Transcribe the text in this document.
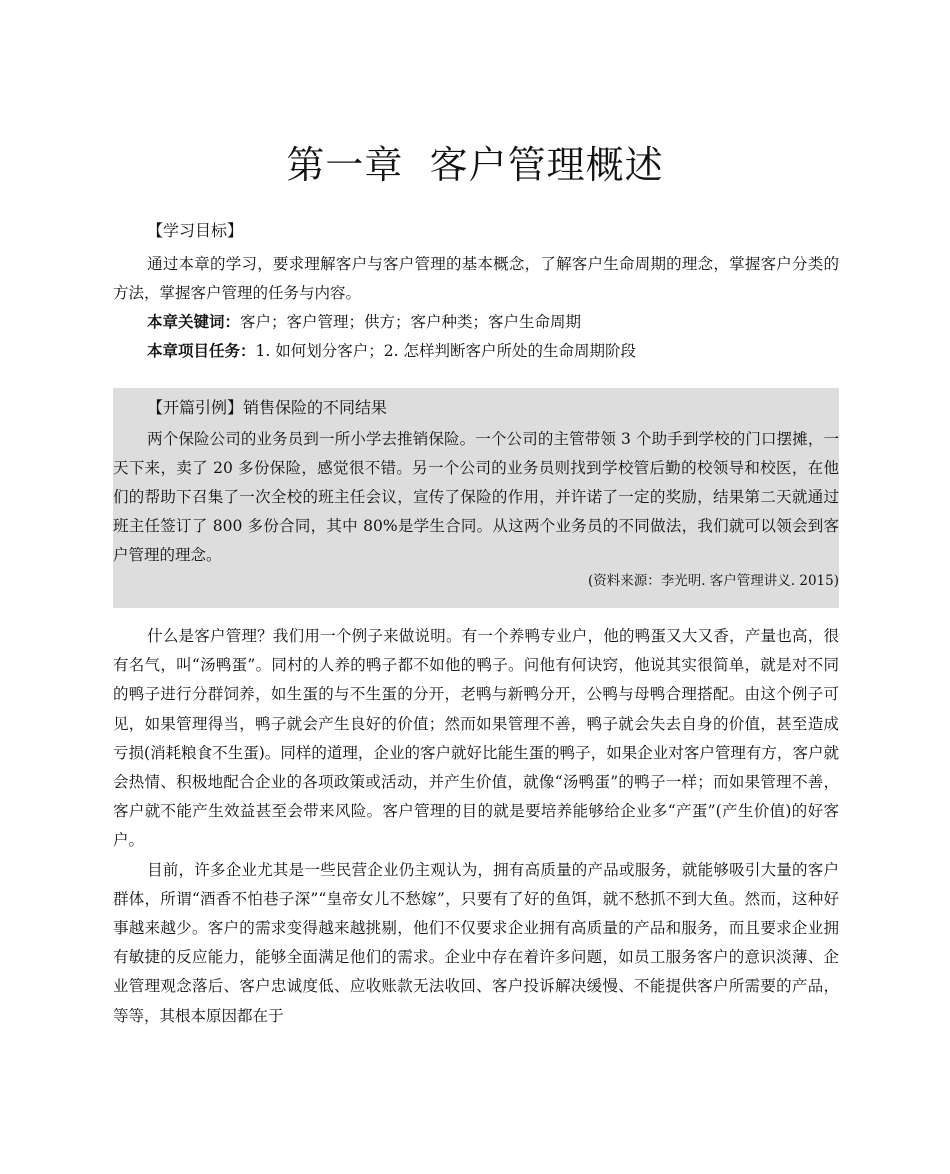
第一章  客户管理概述

【学习目标】

通过本章的学习，要求理解客户与客户管理的基本概念，了解客户生命周期的理念，掌握客户分类的方法，掌握客户管理的任务与内容。

本章关键词：客户；客户管理；供方；客户种类；客户生命周期

本章项目任务：1. 如何划分客户；2. 怎样判断客户所处的生命周期阶段

【开篇引例】销售保险的不同结果

两个保险公司的业务员到一所小学去推销保险。一个公司的主管带领 3 个助手到学校的门口摆摊，一天下来，卖了 20 多份保险，感觉很不错。另一个公司的业务员则找到学校管后勤的校领导和校医，在他们的帮助下召集了一次全校的班主任会议，宣传了保险的作用，并许诺了一定的奖励，结果第二天就通过班主任签订了 800 多份合同，其中 80%是学生合同。从这两个业务员的不同做法，我们就可以领会到客户管理的理念。

(资料来源：李光明. 客户管理讲义. 2015)

什么是客户管理？我们用一个例子来做说明。有一个养鸭专业户，他的鸭蛋又大又香，产量也高，很有名气，叫“汤鸭蛋”。同村的人养的鸭子都不如他的鸭子。问他有何诀窍，他说其实很简单，就是对不同的鸭子进行分群饲养，如生蛋的与不生蛋的分开，老鸭与新鸭分开，公鸭与母鸭合理搭配。由这个例子可见，如果管理得当，鸭子就会产生良好的价值；然而如果管理不善，鸭子就会失去自身的价值，甚至造成亏损(消耗粮食不生蛋)。同样的道理，企业的客户就好比能生蛋的鸭子，如果企业对客户管理有方，客户就会热情、积极地配合企业的各项政策或活动，并产生价值，就像“汤鸭蛋”的鸭子一样；而如果管理不善，客户就不能产生效益甚至会带来风险。客户管理的目的就是要培养能够给企业多“产蛋”(产生价值)的好客户。

目前，许多企业尤其是一些民营企业仍主观认为，拥有高质量的产品或服务，就能够吸引大量的客户群体，所谓“酒香不怕巷子深”“皇帝女儿不愁嫁”，只要有了好的鱼饵，就不愁抓不到大鱼。然而，这种好事越来越少。客户的需求变得越来越挑剔，他们不仅要求企业拥有高质量的产品和服务，而且要求企业拥有敏捷的反应能力，能够全面满足他们的需求。企业中存在着许多问题，如员工服务客户的意识淡薄、企业管理观念落后、客户忠诚度低、应收账款无法收回、客户投诉解决缓慢、不能提供客户所需要的产品，等等，其根本原因都在于
